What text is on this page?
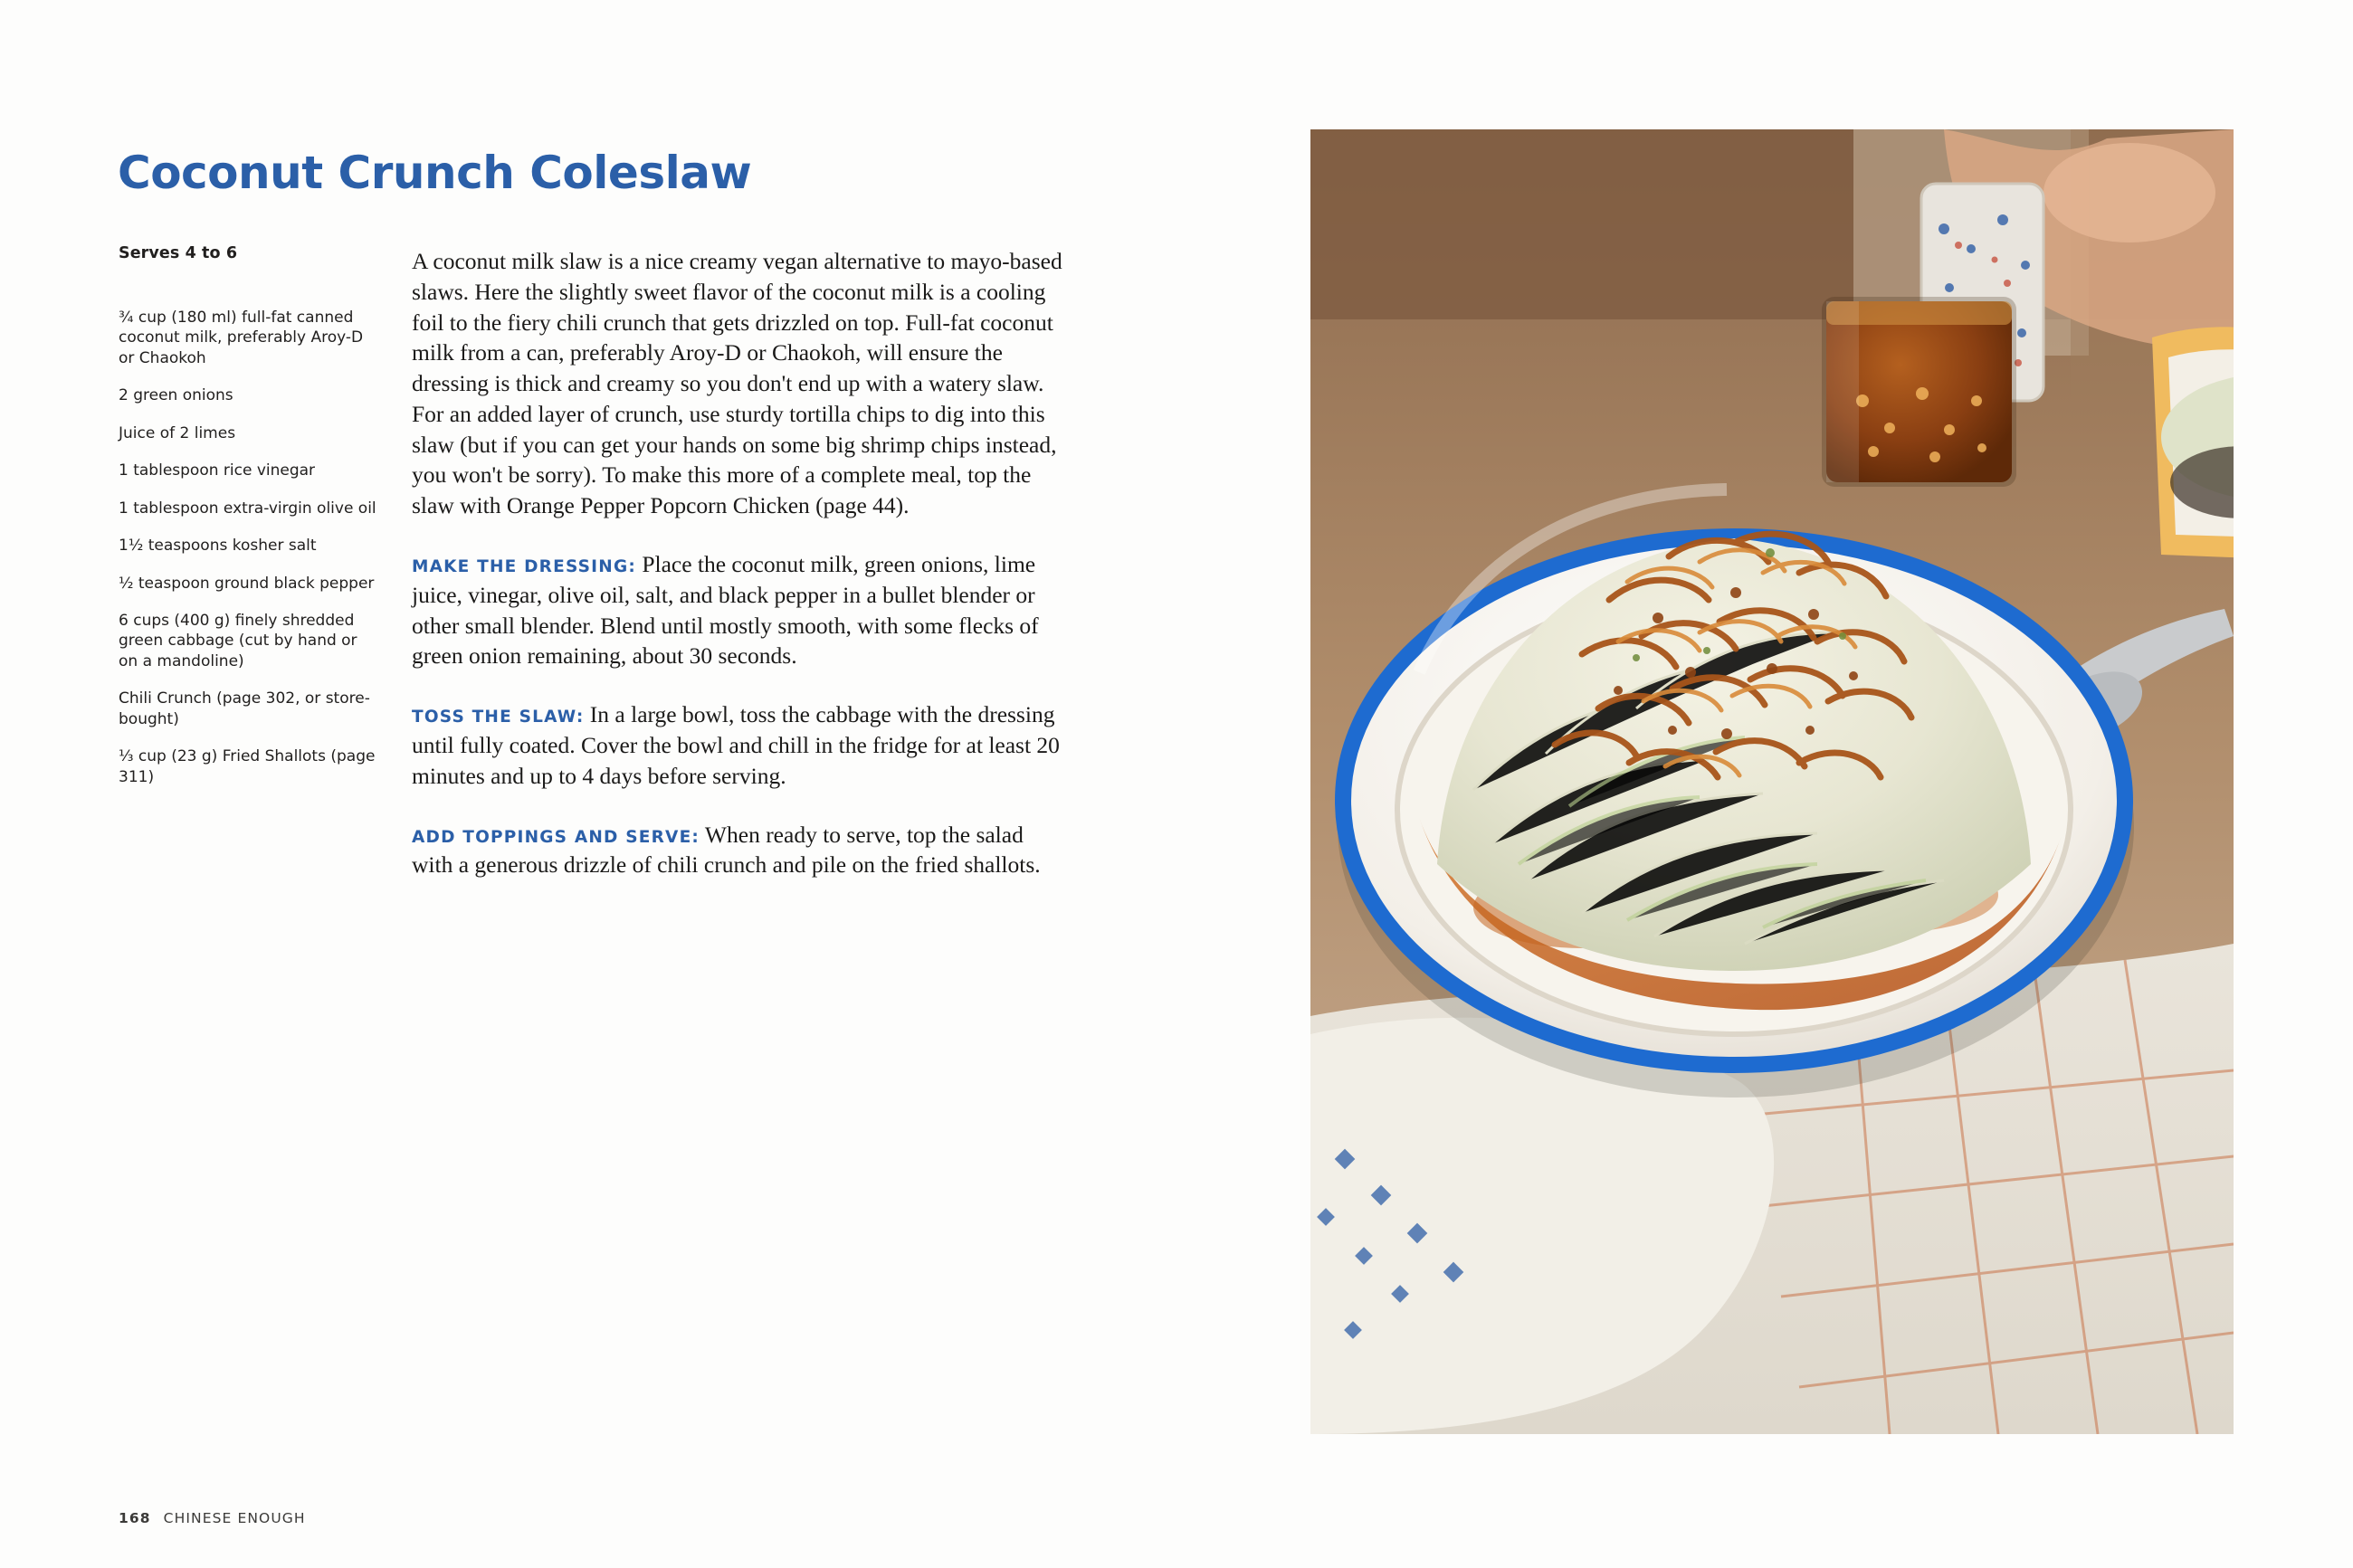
Coconut Crunch Coleslaw
Serves 4 to 6
¾ cup (180 ml) full-fat canned coconut milk, preferably Aroy-D or Chaokoh
2 green onions
Juice of 2 limes
1 tablespoon rice vinegar
1 tablespoon extra-virgin olive oil
1½ teaspoons kosher salt
½ teaspoon ground black pepper
6 cups (400 g) finely shredded green cabbage (cut by hand or on a mandoline)
Chili Crunch (page 302, or store-bought)
⅓ cup (23 g) Fried Shallots (page 311)

A coconut milk slaw is a nice creamy vegan alternative to mayo-based slaws. Here the slightly sweet flavor of the coconut milk is a cooling foil to the fiery chili crunch that gets drizzled on top. Full-fat coconut milk from a can, preferably Aroy-D or Chaokoh, will ensure the dressing is thick and creamy so you don't end up with a watery slaw. For an added layer of crunch, use sturdy tortilla chips to dig into this slaw (but if you can get your hands on some big shrimp chips instead, you won't be sorry). To make this more of a complete meal, top the slaw with Orange Pepper Popcorn Chicken (page 44).

MAKE THE DRESSING: Place the coconut milk, green onions, lime juice, vinegar, olive oil, salt, and black pepper in a bullet blender or other small blender. Blend until mostly smooth, with some flecks of green onion remaining, about 30 seconds.

TOSS THE SLAW: In a large bowl, toss the cabbage with the dressing until fully coated. Cover the bowl and chill in the fridge for at least 20 minutes and up to 4 days before serving.

ADD TOPPINGS AND SERVE: When ready to serve, top the salad with a generous drizzle of chili crunch and pile on the fried shallots.

168 CHINESE ENOUGH
